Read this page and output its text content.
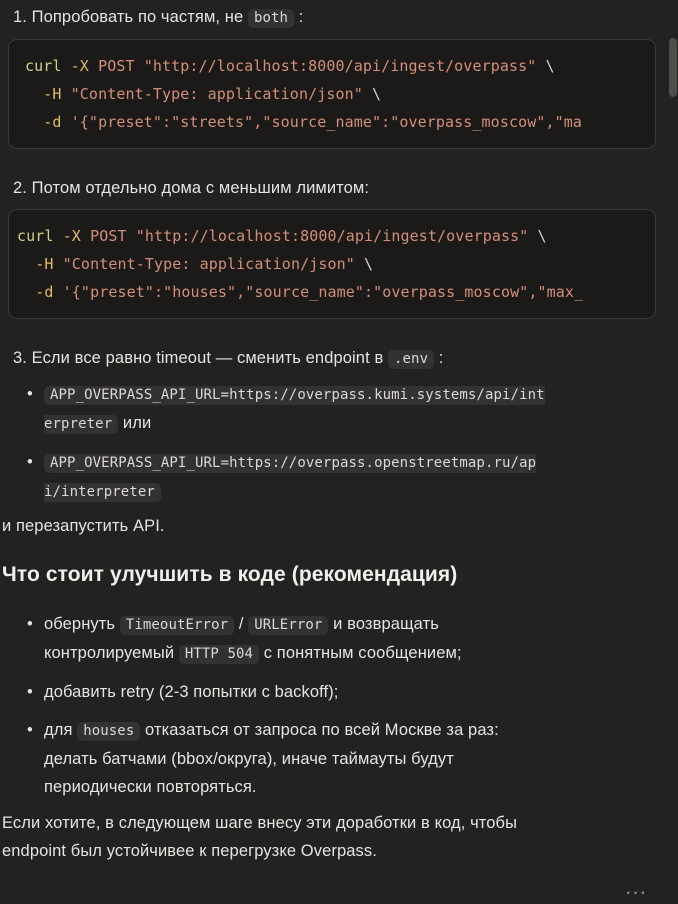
1. Попробовать по частям, не both :
curl -X POST "http://localhost:8000/api/ingest/overpass" \
-H "Content-Type: application/json" \
-d '{"preset":"streets","source_name":"overpass_moscow","ma
2. Потом отдельно дома с меньшим лимитом:
curl -X POST "http://localhost:8000/api/ingest/overpass" \
-H "Content-Type: application/json" \
-d '{"preset":"houses","source_name":"overpass_moscow","max_
3. Если все равно timeout — сменить endpoint в .env :
• APP_OVERPASS_API_URL=https://overpass.kumi.systems/api/interpreter или
• APP_OVERPASS_API_URL=https://overpass.openstreetmap.ru/api/interpreter
и перезапустить API.
Что стоит улучшить в коде (рекомендация)
• обернуть TimeoutError / URLError и возвращать контролируемый HTTP 504 с понятным сообщением;
• добавить retry (2-3 попытки с backoff);
• для houses отказаться от запроса по всей Москве за раз: делать батчами (bbox/округа), иначе таймауты будут периодически повторяться.
Если хотите, в следующем шаге внесу эти доработки в код, чтобы endpoint был устойчивее к перегрузке Overpass.
···
